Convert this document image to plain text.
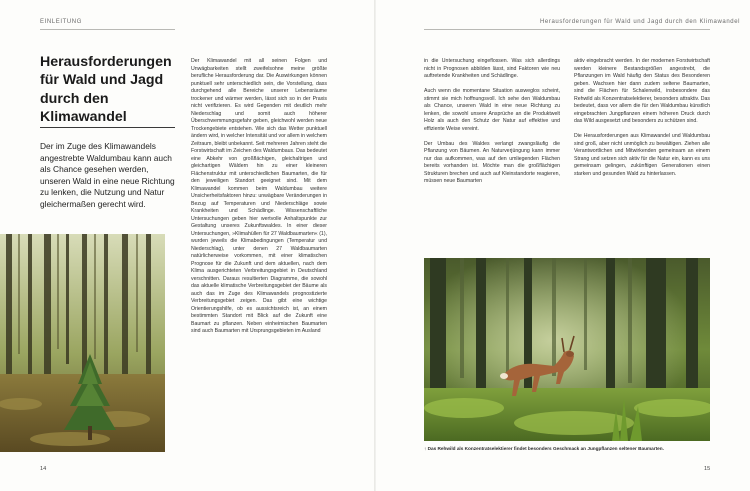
EINLEITUNG
Herausforderungen für Wald und Jagd durch den Klimawandel

Der im Zuge des Klimawandels angestrebte Waldumbau kann auch als Chance gesehen werden, unseren Wald in eine neue Richtung zu lenken, die Nutzung und Natur gleichermaßen gerecht wird.

Der Klimawandel mit all seinen Folgen und Unwägbarkeiten stellt zweifelsohne meine größte berufliche Herausforderung dar. Die Auswirkungen können punktuell sehr unterschiedlich sein, die Vorstellung, dass durchgehend alle Bereiche unserer Lebensräume trockener und wärmer werden, lässt sich so in der Praxis nicht verifizieren. Es wird Gegenden mit deutlich mehr Niederschlag und somit auch höherer Überschwemmungsgefahr geben, gleichwohl werden neue Trockengebiete entstehen. Wie sich das Wetter punktuell ändern wird, in welcher Intensität und vor allem in welchem Zeitraum, bleibt unbekannt. Seit mehreren Jahren steht die Forstwirtschaft im Zeichen des Waldumbaus. Das bedeutet eine Abkehr von großflächigen, gleichaltrigen und gleichartigen Wäldern hin zu einer kleineren Flächenstruktur mit unterschiedlichen Baumarten, die für den jeweiligen Standort geeignet sind. Mit dem Klimawandel kommen beim Waldumbau weitere Unsicherheitsfaktoren hinzu: unwägbare Veränderungen in Bezug auf Temperaturen und Niederschläge sowie Krankheiten und Schädlinge. Wissenschaftliche Untersuchungen geben hier wertvolle Anhaltspunkte zur Gestaltung unseres Zukunftswaldes. In einer dieser Untersuchungen, »Klimahüllen für 27 Waldbaumarten« (1), wurden jeweils die Klimabedingungen (Temperatur und Niederschlag), unter denen 27 Waldbaumarten natürlicherweise vorkommen, mit einer klimatischen Prognose für die Zukunft und dem aktuellen, nach dem Klima ausgerichteten Verbreitungsgebiet in Deutschland verschnitten. Daraus resultierten Diagramme, die sowohl das aktuelle klimatische Verbreitungsgebiet der Bäume als auch das im Zuge des Klimawandels prognostizierte Verbreitungsgebiet zeigen. Das gibt eine wichtige Orientierungshilfe, ob es aussichtsreich ist, an einem bestimmten Standort mit Blick auf die Zukunft eine Baumart zu pflanzen. Neben einheimischen Baumarten sind auch Baumarten mit Ursprungsgebieten im Ausland

14
Herausforderungen für Wald und Jagd durch den Klimawandel

in die Untersuchung eingeflossen. Was sich allerdings nicht in Prognosen abbilden lässt, sind Faktoren wie neu auftretende Krankheiten und Schädlinge.

Auch wenn die momentane Situation ausweglos scheint, stimmt sie mich hoffnungsvoll. Ich sehe den Waldumbau als Chance, unseren Wald in eine neue Richtung zu lenken, die sowohl unsere Ansprüche an die Produktwelt Holz als auch den Schutz der Natur auf effektive und effiziente Weise vereint.

Der Umbau des Waldes verlangt zwangsläufig die Pflanzung von Bäumen. An Naturverjüngung kann immer nur das aufkommen, was auf den umliegenden Flächen bereits vorhanden ist. Möchte man die großflächigen Strukturen brechen und auch auf Kleinstandorte reagieren, müssen neue Baumarten

aktiv eingebracht werden. In der modernen Forstwirtschaft werden kleinere Bestandsgrößen angestrebt, die Pflanzungen im Wald häufig den Status des Besonderen geben. Wachsen hier dann zudem seltene Baumarten, sind die Flächen für Schalenwild, insbesondere das Rehwild als Konzentratselektierer, besonders attraktiv. Das bedeutet, dass vor allem die für den Waldumbau künstlich eingebrachten Jungpflanzen einem höheren Druck durch das Wild ausgesetzt und besonders zu schützen sind.

Die Herausforderungen aus Klimawandel und Waldumbau sind groß, aber nicht unmöglich zu bewältigen. Ziehen alle Verantwortlichen und Mitwirkenden gemeinsam an einem Strang und setzen sich aktiv für die Natur ein, kann es uns gemeinsam gelingen, zukünftigen Generationen einen starken und gesunden Wald zu hinterlassen.

↑ Das Rehwild als Konzentratselektierer findet besonders Geschmack an Jungpflanzen seltener Baumarten.

15
